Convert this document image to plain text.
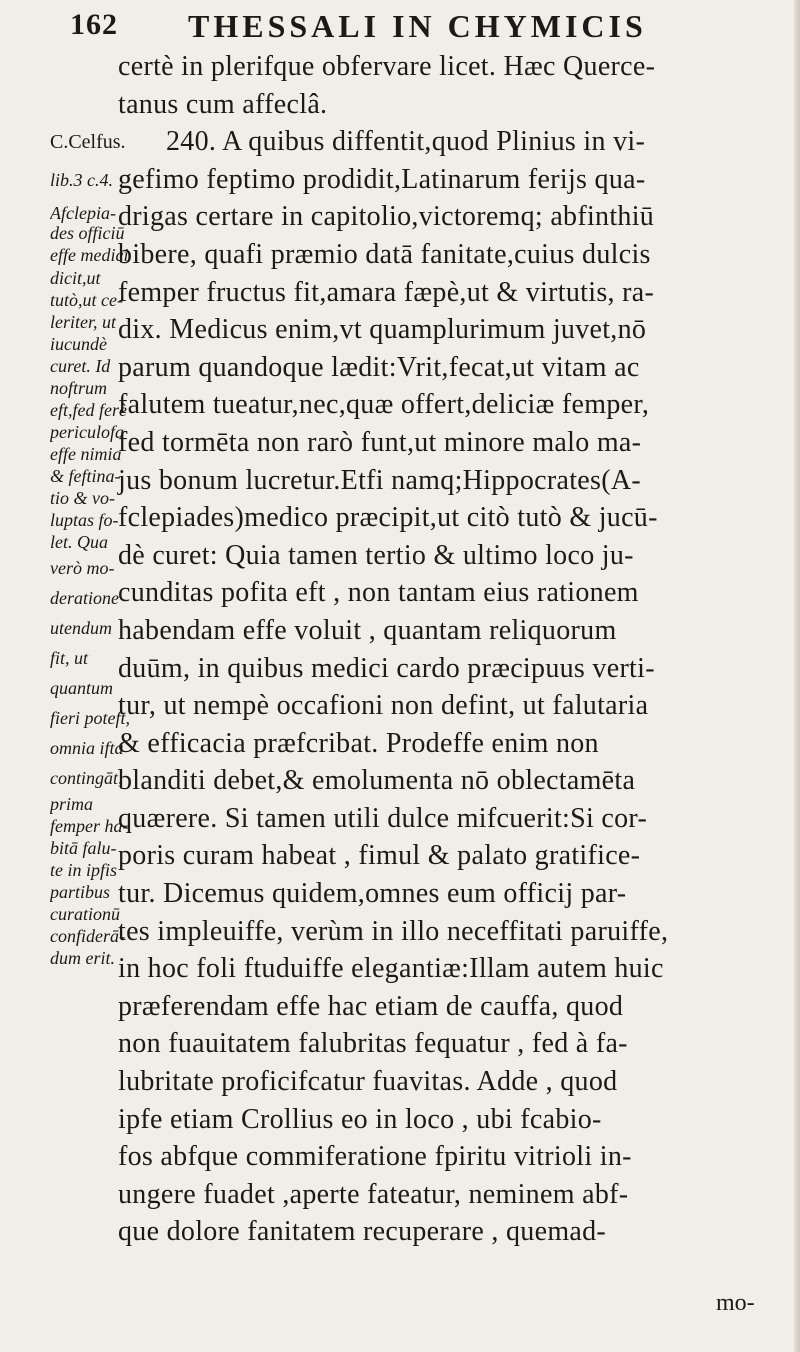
162 THESSALI IN CHYMICIS
certè in plerifque obfervare licet. Hæc Querce-
tanus cum affeclâ.
240. A quibus diffentit,quod Plinius in vi-
gefimo feptimo prodidit,Latinarum ferijs qua-
drigas certare in capitolio,victoremq; abfinthiū
bibere, quafi præmio datā fanitate,cuius dulcis
femper fructus fit,amara fæpè,ut & virtutis, ra-
dix. Medicus enim,vt quamplurimum juvet,nō
parum quandoque lædit:Vrit,fecat,ut vitam ac
falutem tueatur,nec,quæ offert,deliciæ femper,
fed tormēta non rarò funt,ut minore malo ma-
jus bonum lucretur.Etfi namq;Hippocrates(A-
fclepiades)medico præcipit,ut citò tutò & jucū-
dè curet: Quia tamen tertio & ultimo loco ju-
cunditas pofita eft , non tantam eius rationem
habendam effe voluit , quantam reliquorum
duūm, in quibus medici cardo præcipuus verti-
tur, ut nempè occafioni non defint, ut falutaria
& efficacia præfcribat. Prodeffe enim non
blanditi debet,& emolumenta nō oblectamēta
quærere. Si tamen utili dulce mifcuerit:Si cor-
poris curam habeat , fimul & palato gratifice-
tur. Dicemus quidem,omnes eum officij par-
tes impleuiffe, verùm in illo neceffitati paruiffe,
in hoc foli ftuduiffe elegantiæ:Illam autem huic
præferendam effe hac etiam de cauffa, quod
non fuauitatem falubritas fequatur , fed à fa-
lubritate proficifcatur fuavitas. Adde , quod
ipfe etiam Crollius eo in loco , ubi fcabio-
fos abfque commiferatione fpiritu vitrioli in-
ungere fuadet ,aperte fateatur, neminem abf-
que dolore fanitatem recuperare , quemad-
C.Celfus.
lib.3 c.4.
Afclepia-
des officiū
effe medici
dicit,ut
tutò,ut ce-
leriter, ut
iucundè
curet. Id
noftrum
eft,fed ferè
periculofa
effe nimia
& feftina-
tio & vo-
luptas fo-
let. Qua
verò mo-
deratione
utendum
fit, ut
quantum
fieri poteft,
omnia ifta
contingāt,
prima
femper ha-
bitā falu-
te in ipfis
partibus
curationū
confiderā-
dum erit.
mo-
